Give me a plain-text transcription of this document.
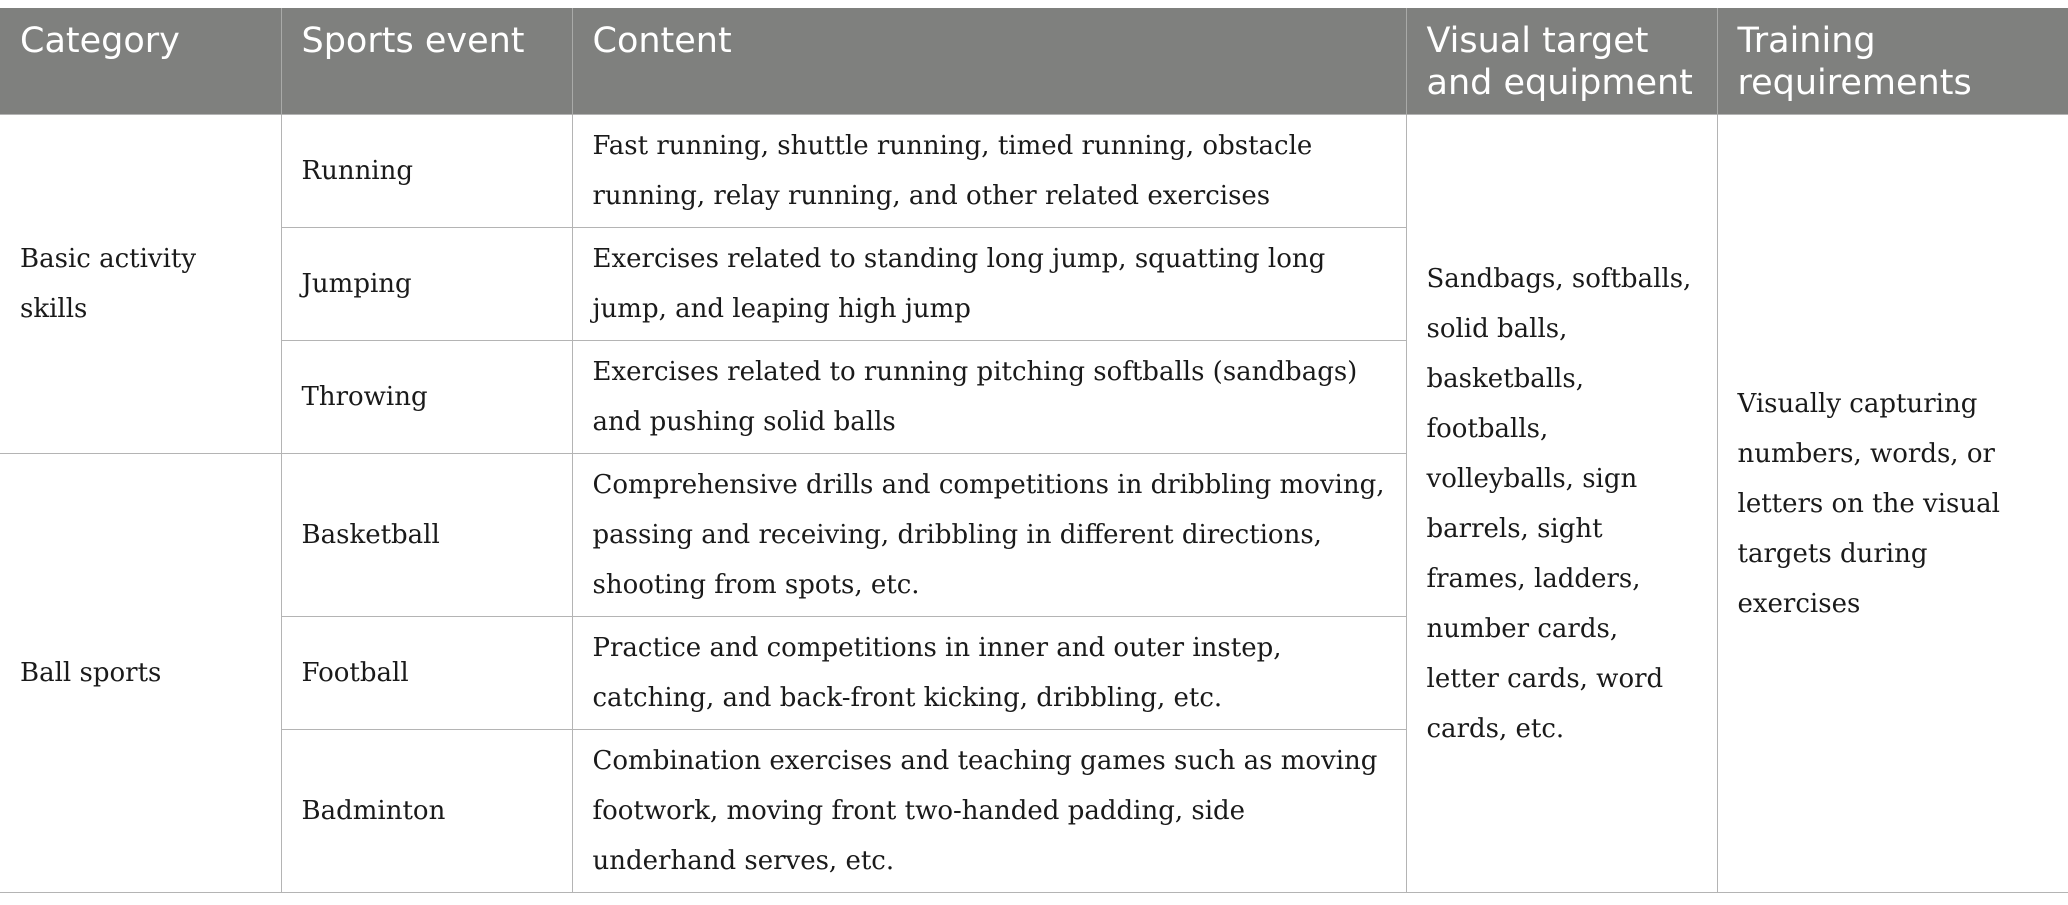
Category	Sports event	Content	Visual target and equipment	Training requirements
Basic activity skills	Running	Fast running, shuttle running, timed running, obstacle running, relay running, and other related exercises	Sandbags, softballs, solid balls, basketballs, footballs, volleyballs, sign barrels, sight frames, ladders, number cards, letter cards, word cards, etc.	Visually capturing numbers, words, or letters on the visual targets during exercises
	Jumping	Exercises related to standing long jump, squatting long jump, and leaping high jump		
	Throwing	Exercises related to running pitching softballs (sandbags) and pushing solid balls		
Ball sports	Basketball	Comprehensive drills and competitions in dribbling moving, passing and receiving, dribbling in different directions, shooting from spots, etc.		
	Football	Practice and competitions in inner and outer instep, catching, and back-front kicking, dribbling, etc.		
	Badminton	Combination exercises and teaching games such as moving footwork, moving front two-handed padding, side underhand serves, etc.		
